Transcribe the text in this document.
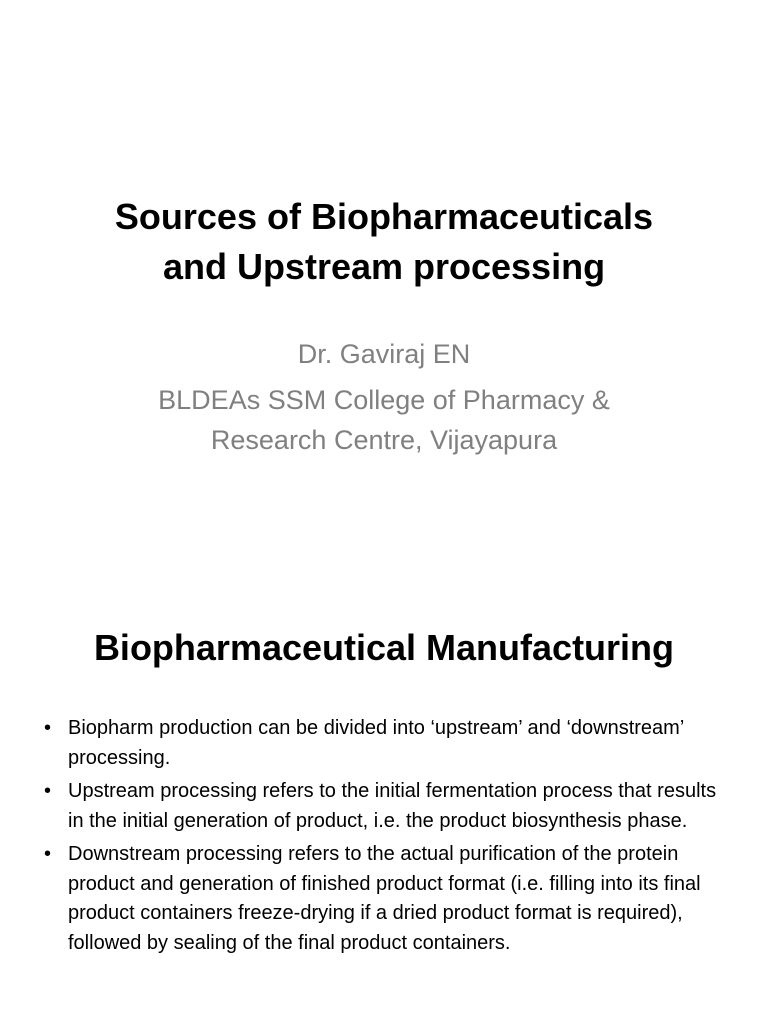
Sources of Biopharmaceuticals
and Upstream processing
Dr. Gaviraj EN
BLDEAs SSM College of Pharmacy &
Research Centre, Vijayapura
Biopharmaceutical Manufacturing
• Biopharm production can be divided into ‘upstream’ and ‘downstream’ processing.
• Upstream processing refers to the initial fermentation process that results in the initial generation of product, i.e. the product biosynthesis phase.
• Downstream processing refers to the actual purification of the protein product and generation of finished product format (i.e. filling into its final product containers freeze-drying if a dried product format is required), followed by sealing of the final product containers.
